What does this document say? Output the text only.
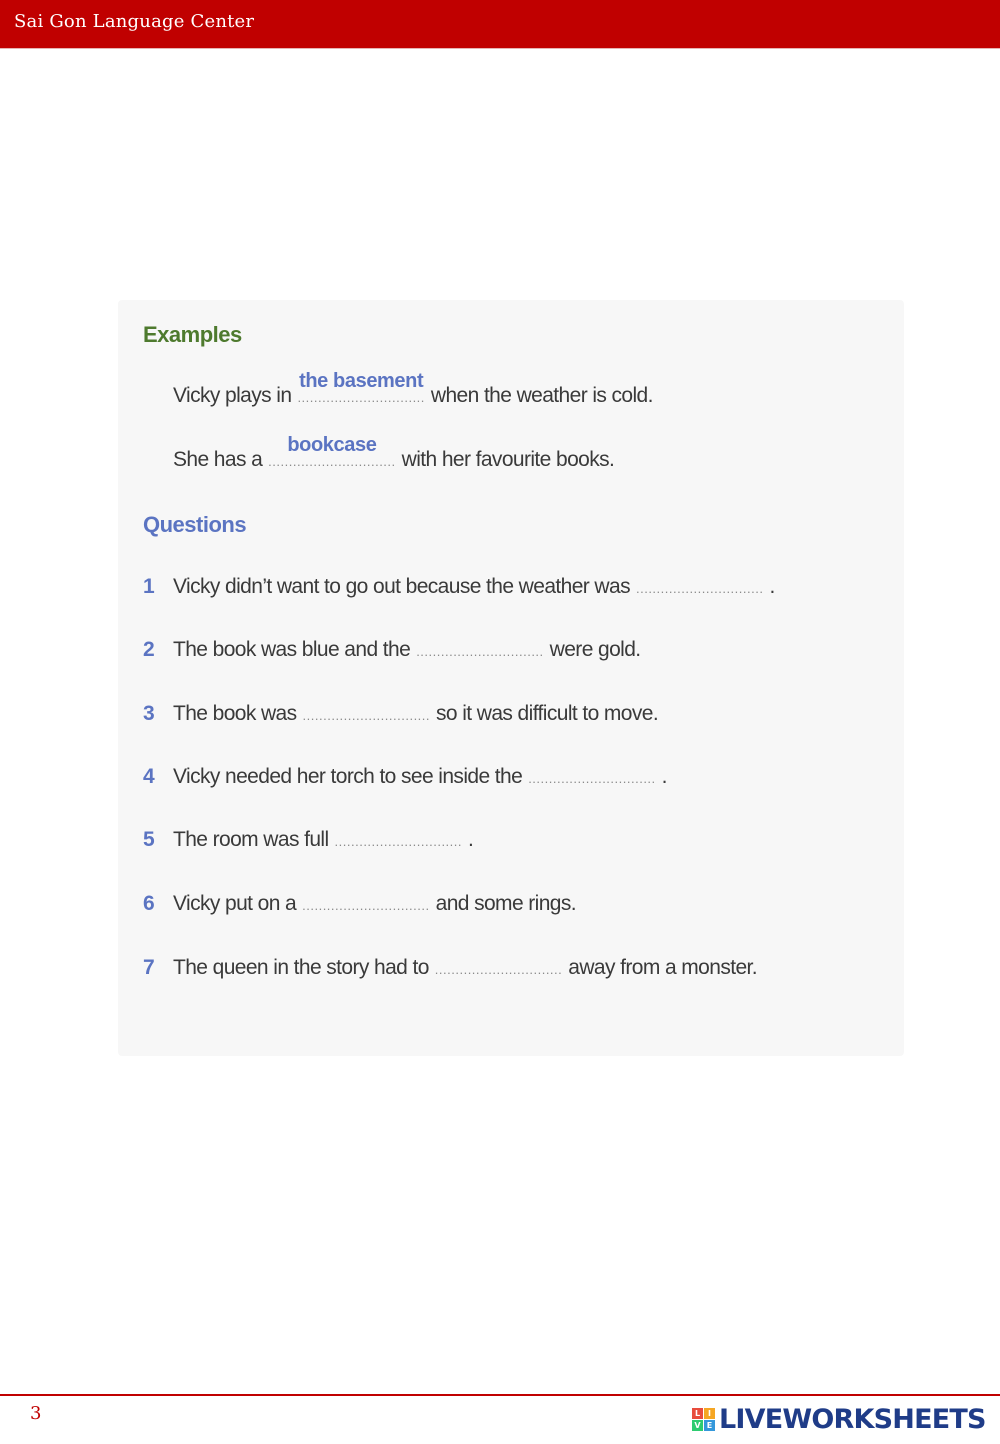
Sai Gon Language Center
Examples
Vicky plays in ...............................
the basement
when the weather is cold.
She has a ...............................
bookcase
with her favourite books.
Questions
1 Vicky didn’t want to go out because the weather was ............................... .
2 The book was blue and the ............................... were gold.
3 The book was ............................... so it was difficult to move.
4 Vicky needed her torch to see inside the ............................... .
5 The room was full ............................... .
6 Vicky put on a ............................... and some rings.
7 The queen in the story had to ............................... away from a monster.
3	L I
V E LIVEWORKSHEETS
